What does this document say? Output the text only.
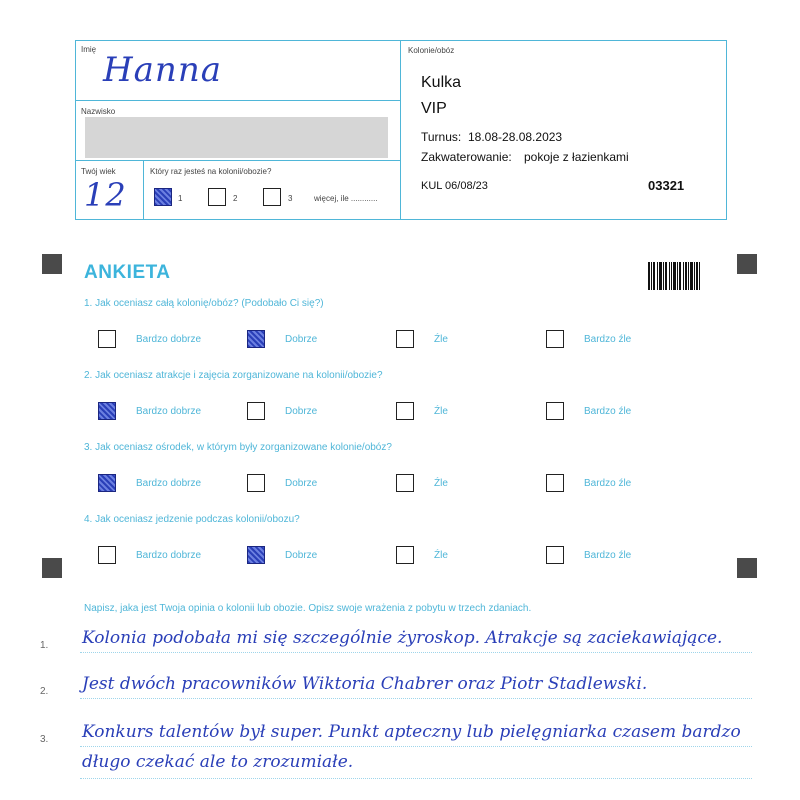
Imię
Hanna
Nazwisko
Twój wiek
12
Który raz jesteś na kolonii/obozie?
1	2	3	więcej, ile ............
Kolonie/obóz
Kulka
VIP
Turnus: 18.08-28.08.2023
Zakwaterowanie: pokoje z łazienkami
KUL 06/08/23	03321
ANKIETA
1. Jak oceniasz całą kolonię/obóz? (Podobało Ci się?)
Bardzo dobrze	Dobrze	Źle	Bardzo źle
2. Jak oceniasz atrakcje i zajęcia zorganizowane na kolonii/obozie?
Bardzo dobrze	Dobrze	Źle	Bardzo źle
3. Jak oceniasz ośrodek, w którym były zorganizowane kolonie/obóz?
Bardzo dobrze	Dobrze	Źle	Bardzo źle
4. Jak oceniasz jedzenie podczas kolonii/obozu?
Bardzo dobrze	Dobrze	Źle	Bardzo źle
Napisz, jaka jest Twoja opinia o kolonii lub obozie. Opisz swoje wrażenia z pobytu w trzech zdaniach.
1.
2.
3.
Kolonia podobała mi się szczególnie żyroskop. Atrakcje są zaciekawiające.
Jest dwóch pracowników Wiktoria Chabrer oraz Piotr Stadlewski.
Konkurs talentów był super. Punkt apteczny lub pielęgniarka czasem bardzo
długo czekać ale to zrozumiałe.
